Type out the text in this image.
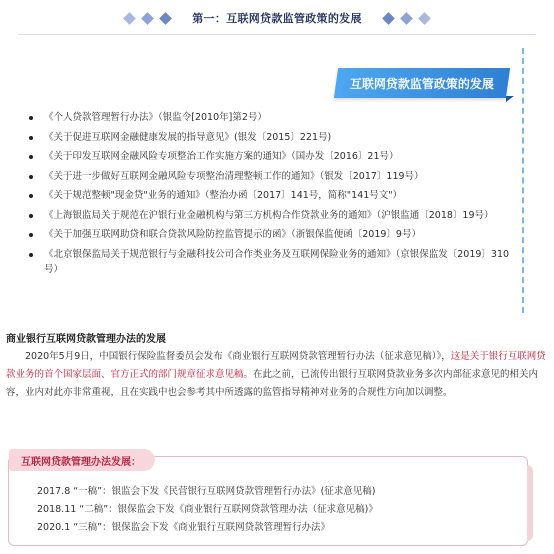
第一：互联网贷款监管政策的发展
互联网贷款监管政策的发展
《个人贷款管理暂行办法》（银监令[2010年]第2号）
《关于促进互联网金融健康发展的指导意见》(银发〔2015〕221号)
《关于印发互联网金融风险专项整治工作实施方案的通知》（国办发〔2016〕21号）
《关于进一步做好互联网金融风险专项整治清理整顿工作的通知》（银发〔2017〕119号）
《关于规范整顿"现金贷"业务的通知》（整治办函〔2017〕141号，简称"141号文"）
《上海银监局关于规范在沪银行业金融机构与第三方机构合作贷款业务的通知》（沪银监通〔2018〕19号）
《关于加强互联网助贷和联合贷款风险防控监管提示的函》（浙银保监便函〔2019〕9号）
《北京银保监局关于规范银行与金融科技公司合作类业务及互联网保险业务的通知》（京银保监发〔2019〕310号）
商业银行互联网贷款管理办法的发展

2020年5月9日，中国银行保险监督委员会发布《商业银行互联网贷款管理暂行办法（征求意见稿）》，这是关于银行互联网贷款业务的首个国家层面、官方正式的部门规章征求意见稿。在此之前，已流传出银行互联网贷款业务多次内部征求意见的相关内容，业内对此亦非常重视，且在实践中也会参考其中所透露的监管指导精神对业务的合规性方向加以调整。

互联网贷款管理办法发展：
2017.8 “一稿”：银监会下发《民营银行互联网贷款管理暂行办法》(征求意见稿)
2018.11 “二稿”：银保监会下发《商业银行互联网贷款管理办法（征求意见稿)》
2020.1 “三稿”：银保监会下发《商业银行互联网贷款管理暂行办法》
